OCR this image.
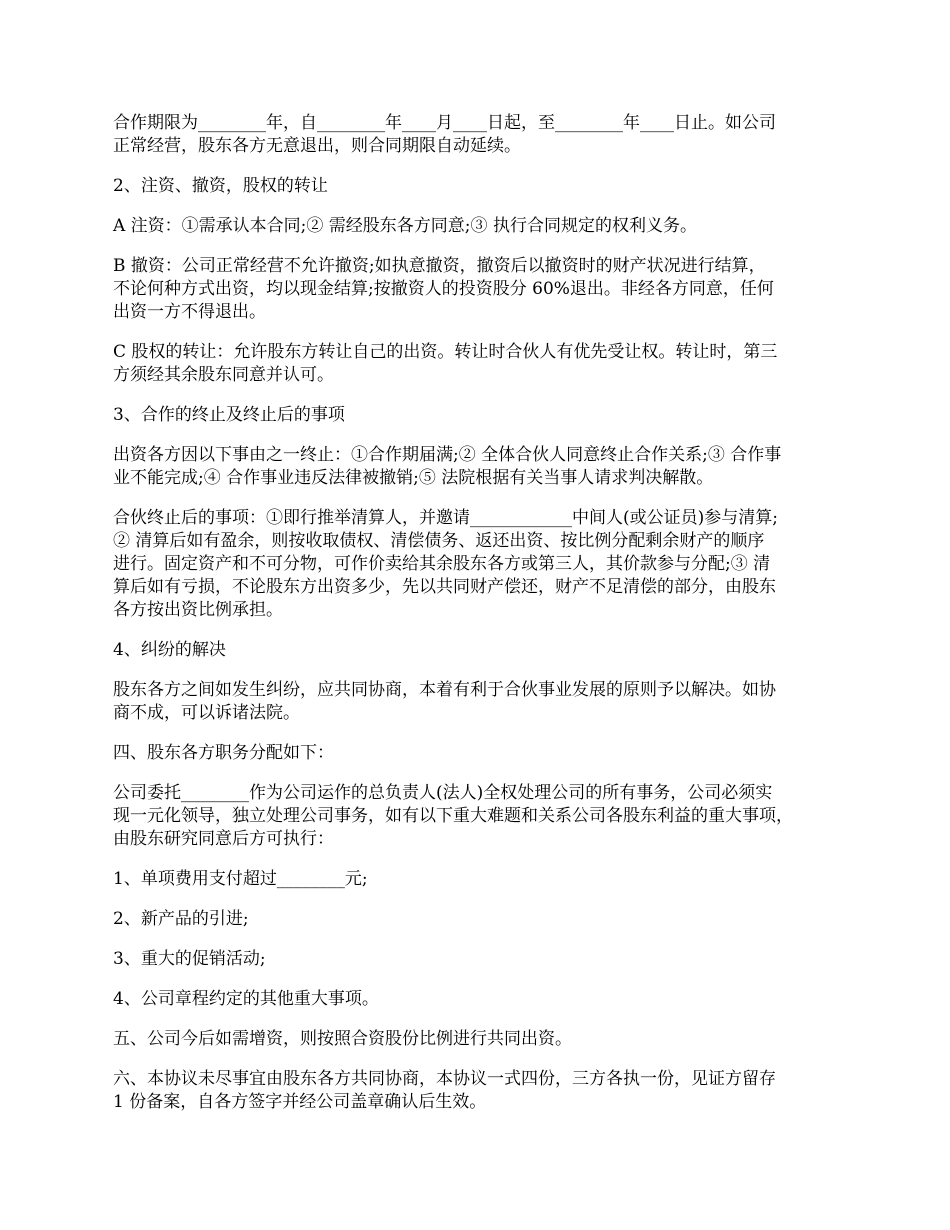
合作期限为________年，自________年____月____日起，至________年____日止。如公司
正常经营，股东各方无意退出，则合同期限自动延续。

2、注资、撤资，股权的转让

A 注资：①需承认本合同;② 需经股东各方同意;③ 执行合同规定的权利义务。

B 撤资：公司正常经营不允许撤资;如执意撤资，撤资后以撤资时的财产状况进行结算，
不论何种方式出资，均以现金结算;按撤资人的投资股分 60%退出。非经各方同意，任何
出资一方不得退出。

C 股权的转让：允许股东方转让自己的出资。转让时合伙人有优先受让权。转让时，第三
方须经其余股东同意并认可。

3、合作的终止及终止后的事项

出资各方因以下事由之一终止：①合作期届满;② 全体合伙人同意终止合作关系;③ 合作事
业不能完成;④ 合作事业违反法律被撤销;⑤ 法院根据有关当事人请求判决解散。

合伙终止后的事项：①即行推举清算人，并邀请____________中间人(或公证员)参与清算;
② 清算后如有盈余，则按收取债权、清偿债务、返还出资、按比例分配剩余财产的顺序
进行。固定资产和不可分物，可作价卖给其余股东各方或第三人，其价款参与分配;③ 清
算后如有亏损，不论股东方出资多少，先以共同财产偿还，财产不足清偿的部分，由股东
各方按出资比例承担。

4、纠纷的解决

股东各方之间如发生纠纷，应共同协商，本着有利于合伙事业发展的原则予以解决。如协
商不成，可以诉诸法院。

四、股东各方职务分配如下：

公司委托________作为公司运作的总负责人(法人)全权处理公司的所有事务，公司必须实
现一元化领导，独立处理公司事务，如有以下重大难题和关系公司各股东利益的重大事项，
由股东研究同意后方可执行：

1、单项费用支付超过________元;

2、新产品的引进;

3、重大的促销活动;

4、公司章程约定的其他重大事项。

五、公司今后如需增资，则按照合资股份比例进行共同出资。

六、本协议未尽事宜由股东各方共同协商，本协议一式四份，三方各执一份，见证方留存
1 份备案，自各方签字并经公司盖章确认后生效。
